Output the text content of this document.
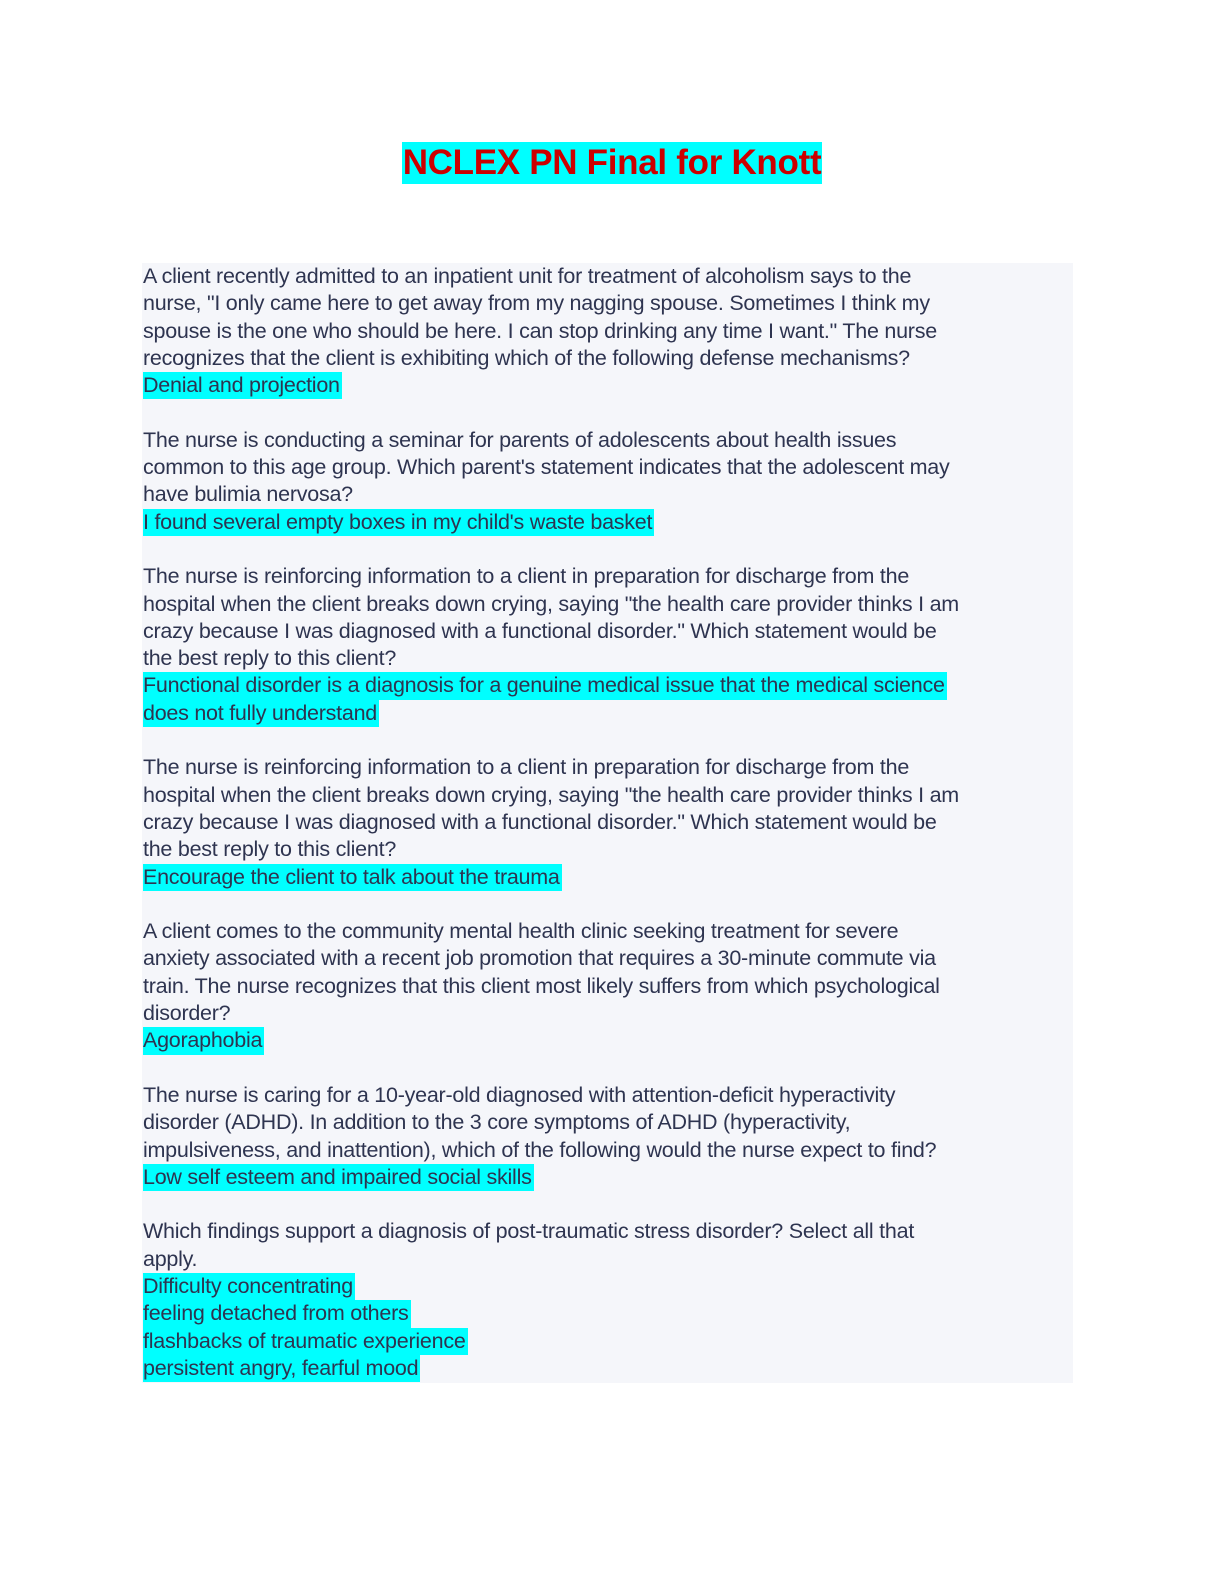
NCLEX PN Final for Knott
A client recently admitted to an inpatient unit for treatment of alcoholism says to the
nurse, "I only came here to get away from my nagging spouse. Sometimes I think my
spouse is the one who should be here. I can stop drinking any time I want." The nurse
recognizes that the client is exhibiting which of the following defense mechanisms?
Denial and projection
The nurse is conducting a seminar for parents of adolescents about health issues
common to this age group. Which parent's statement indicates that the adolescent may
have bulimia nervosa?
I found several empty boxes in my child's waste basket
The nurse is reinforcing information to a client in preparation for discharge from the
hospital when the client breaks down crying, saying "the health care provider thinks I am
crazy because I was diagnosed with a functional disorder." Which statement would be
the best reply to this client?
Functional disorder is a diagnosis for a genuine medical issue that the medical science
does not fully understand
The nurse is reinforcing information to a client in preparation for discharge from the
hospital when the client breaks down crying, saying "the health care provider thinks I am
crazy because I was diagnosed with a functional disorder." Which statement would be
the best reply to this client?
Encourage the client to talk about the trauma
A client comes to the community mental health clinic seeking treatment for severe
anxiety associated with a recent job promotion that requires a 30-minute commute via
train. The nurse recognizes that this client most likely suffers from which psychological
disorder?
Agoraphobia
The nurse is caring for a 10-year-old diagnosed with attention-deficit hyperactivity
disorder (ADHD). In addition to the 3 core symptoms of ADHD (hyperactivity,
impulsiveness, and inattention), which of the following would the nurse expect to find?
Low self esteem and impaired social skills
Which findings support a diagnosis of post-traumatic stress disorder? Select all that
apply.
Difficulty concentrating
feeling detached from others
flashbacks of traumatic experience
persistent angry, fearful mood
